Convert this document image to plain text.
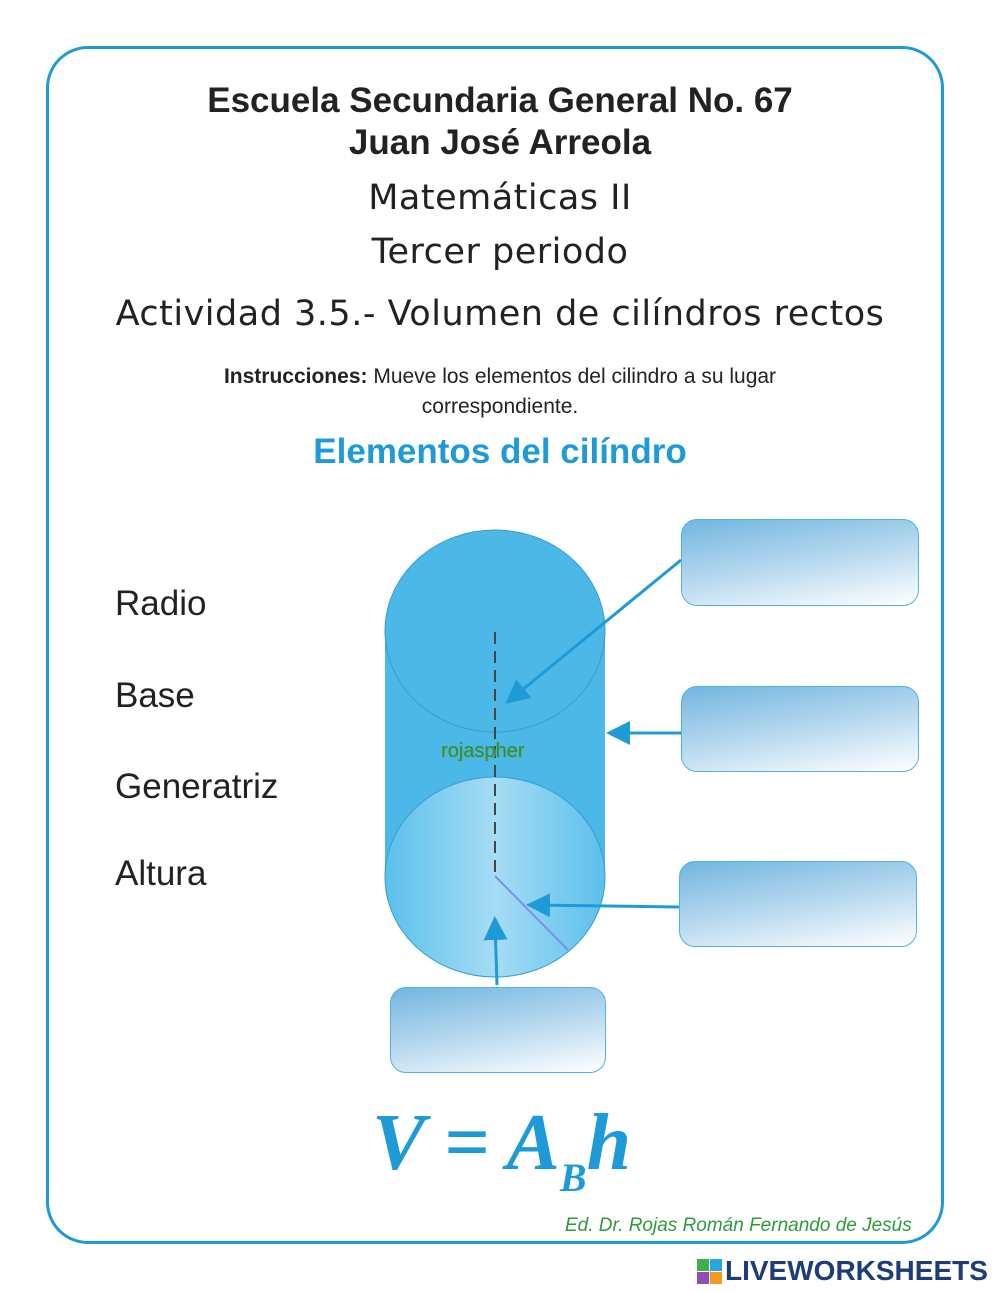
Escuela Secundaria General No. 67
Juan José Arreola
Matemáticas II
Tercer periodo
Actividad 3.5.- Volumen de cilíndros rectos
Instrucciones: Mueve los elementos del cilindro a su lugar
correspondiente.
Elementos del cilíndro
Radio
Base
Generatriz
Altura
rojaspher
$V = A_Bh$
Ed. Dr. Rojas Román Fernando de Jesús
LIVEWORKSHEETS
